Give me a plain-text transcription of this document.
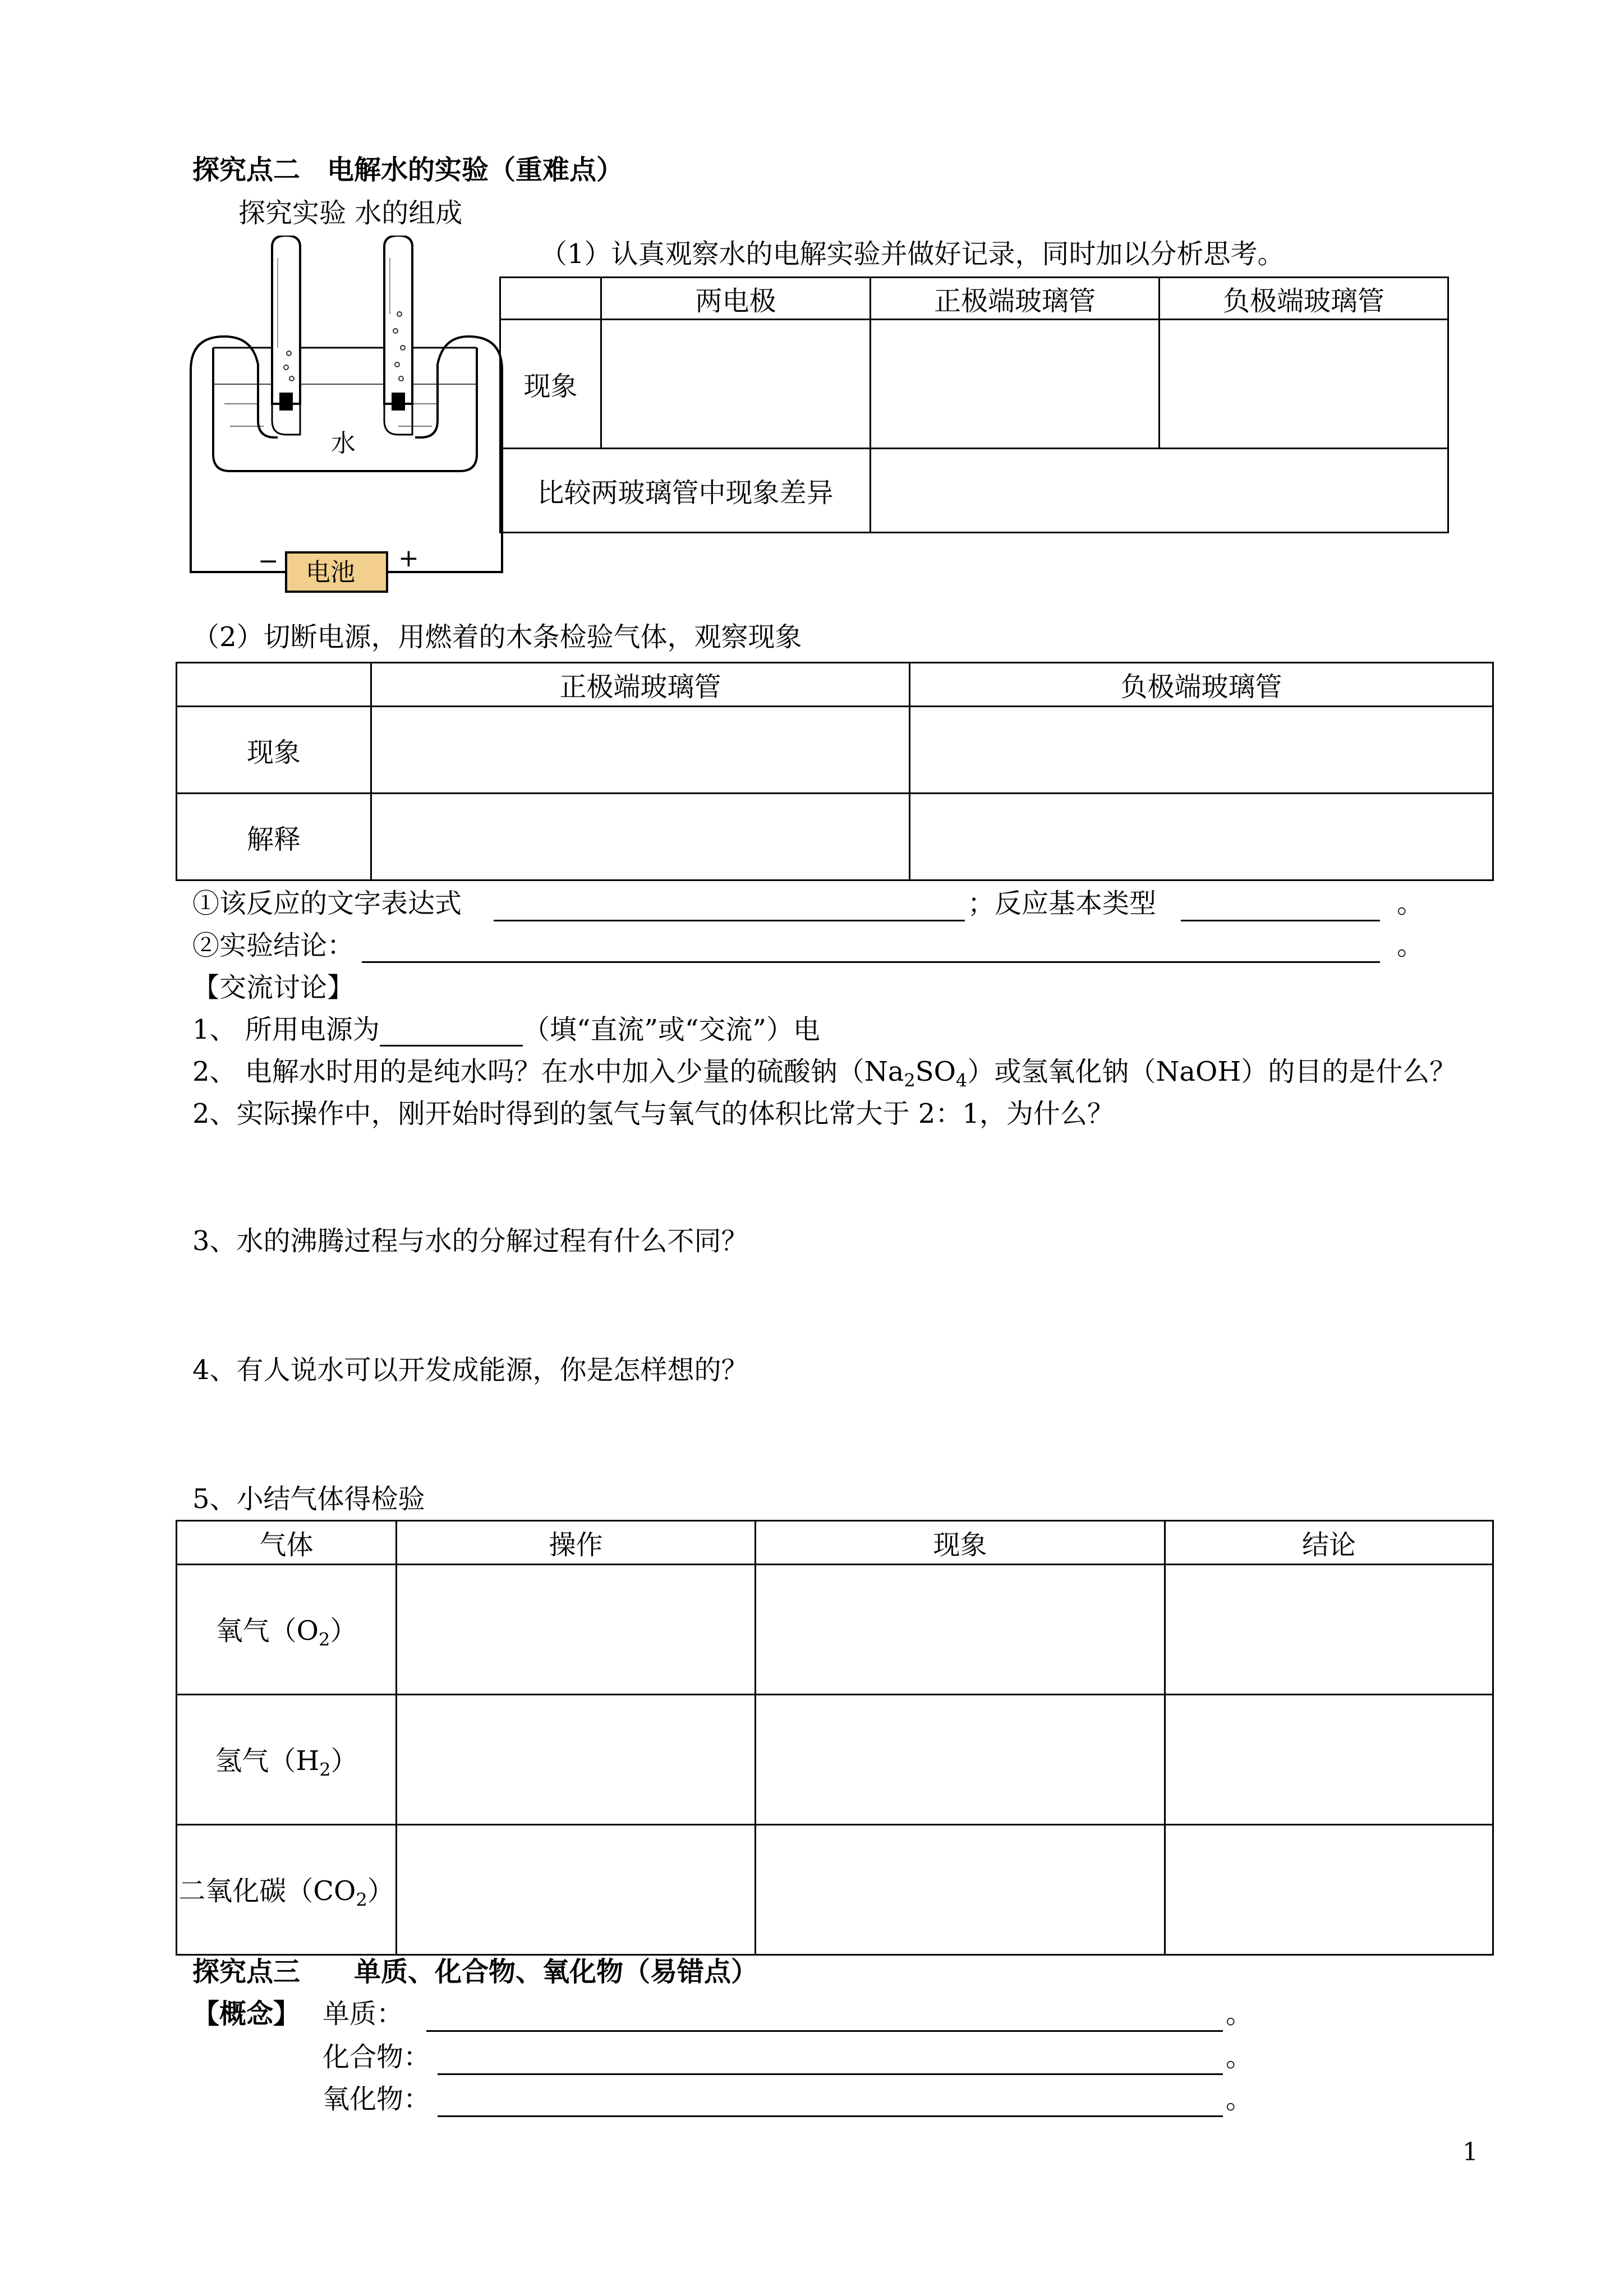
探究点二　电解水的实验（重难点）
探究实验 水的组成
（1）认真观察水的电解实验并做好记录，同时加以分析思考。
水
电池
−	+
	两电极	正极端玻璃管	负极端玻璃管
现象			
比较两玻璃管中现象差异			
（2）切断电源，用燃着的木条检验气体，观察现象
	正极端玻璃管	负极端玻璃管
现象		
解释		
①该反应的文字表达式	；反应基本类型	。
②实验结论：	。
【交流讨论】
1、 所用电源为	（填“直流”或“交流”）电
2、 电解水时用的是纯水吗？在水中加入少量的硫酸钠$(Na_2SO_4)$或氢氧化钠（NaOH）的目的是什么？
2、实际操作中，刚开始时得到的氢气与氧气的体积比常大于 2：1，为什么？
3、水的沸腾过程与水的分解过程有什么不同？
4、有人说水可以开发成能源，你是怎样想的？
5、小结气体得检验
气体	操作	现象	结论
氧气$(O_2)$			
氢气$(H_2)$			
二氧化碳$(CO_2)$			
探究点三　　单质、化合物、氧化物（易错点）
【概念】 单质：	。
化合物：	。
氧化物：	。
1
